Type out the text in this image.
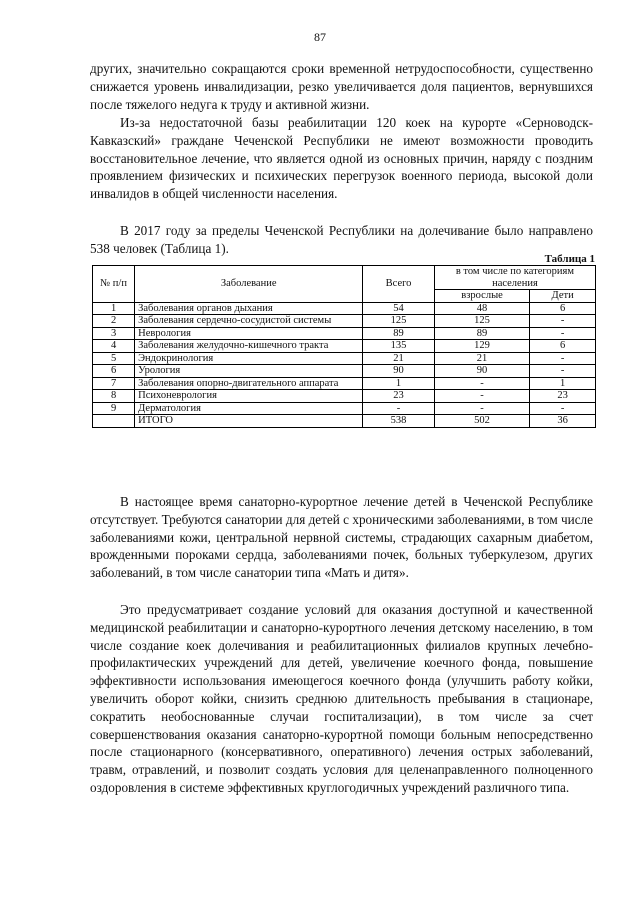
87

других, значительно сокращаются сроки временной нетрудоспособности, существенно снижается уровень инвалидизации, резко увеличивается доля пациентов, вернувшихся после тяжелого недуга к труду и активной жизни.

Из-за недостаточной базы реабилитации 120 коек на курорте «Серноводск-Кавказский» граждане Чеченской Республики не имеют возможности проводить восстановительное лечение, что является одной из основных причин, наряду с поздним проявлением физических и психических перегрузок военного периода, высокой доли инвалидов в общей численности населения.

В 2017 году за пределы Чеченской Республики на долечивание было направлено 538 человек (Таблица 1).

Таблица 1
№ п/п	Заболевание	Всего	в том числе по категориям населения	
			взрослые	Дети
1	Заболевания органов дыхания	54	48	6
2	Заболевания сердечно-сосудистой системы	125	125	-
3	Неврология	89	89	-
4	Заболевания желудочно-кишечного тракта	135	129	6
5	Эндокринология	21	21	-
6	Урология	90	90	-
7	Заболевания опорно-двигательного аппарата	1	-	1
8	Психоневрология	23	-	23
9	Дерматология	-	-	-
	ИТОГО	538	502	36

В настоящее время санаторно-курортное лечение детей в Чеченской Республике отсутствует. Требуются санатории для детей с хроническими заболеваниями, в том числе заболеваниями кожи, центральной нервной системы, страдающих сахарным диабетом, врожденными пороками сердца, заболеваниями почек, больных туберкулезом, других заболеваний, в том числе санатории типа «Мать и дитя».

Это предусматривает создание условий для оказания доступной и качественной медицинской реабилитации и санаторно-курортного лечения детскому населению, в том числе создание коек долечивания и реабилитационных филиалов крупных лечебно-профилактических учреждений для детей, увеличение коечного фонда, повышение эффективности использования имеющегося коечного фонда (улучшить работу койки, увеличить оборот койки, снизить среднюю длительность пребывания в стационаре, сократить необоснованные случаи госпитализации), в том числе за счет совершенствования оказания санаторно-курортной помощи больным непосредственно после стационарного (консервативного, оперативного) лечения острых заболеваний, травм, отравлений, и позволит создать условия для целенаправленного полноценного оздоровления в системе эффективных круглогодичных учреждений различного типа.
